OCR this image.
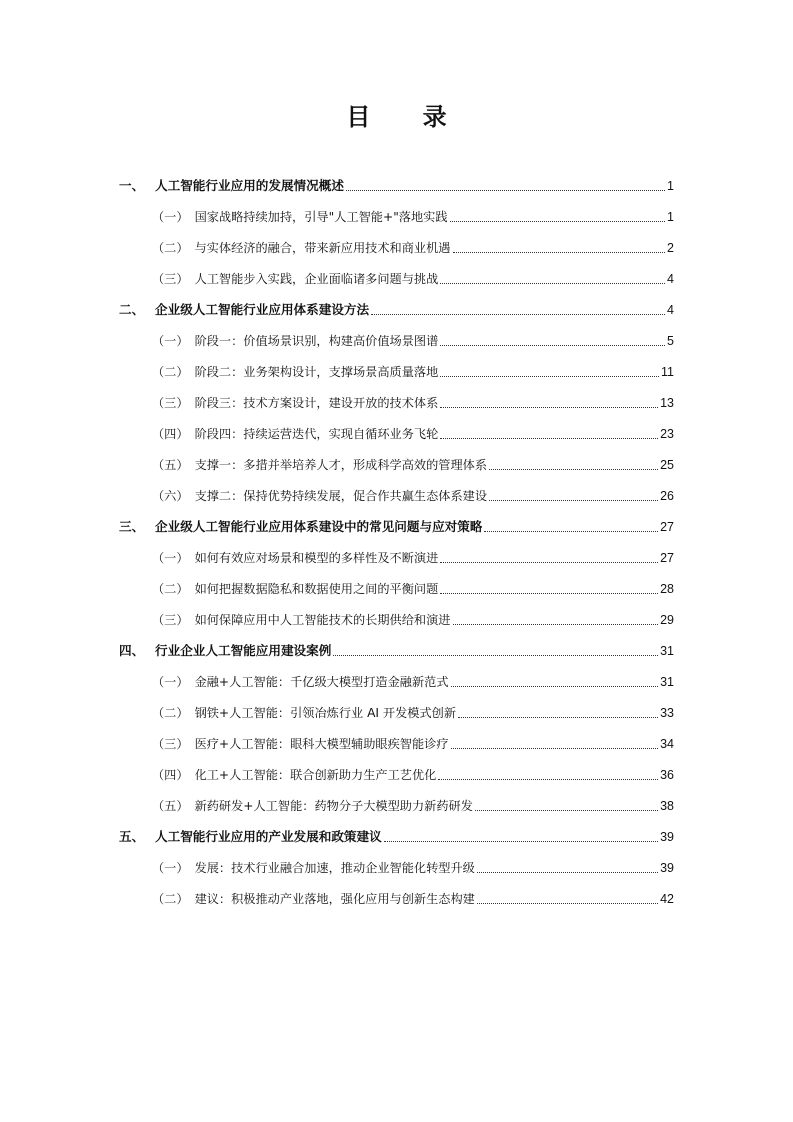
目 录
一、 人工智能行业应用的发展情况概述	1
（一） 国家战略持续加持，引导"人工智能+"落地实践	1
（二） 与实体经济的融合，带来新应用技术和商业机遇	2
（三） 人工智能步入实践，企业面临诸多问题与挑战	4
二、 企业级人工智能行业应用体系建设方法	4
（一） 阶段一：价值场景识别，构建高价值场景图谱	5
（二） 阶段二：业务架构设计，支撑场景高质量落地	11
（三） 阶段三：技术方案设计，建设开放的技术体系	13
（四） 阶段四：持续运营迭代，实现自循环业务飞轮	23
（五） 支撑一：多措并举培养人才，形成科学高效的管理体系	25
（六） 支撑二：保持优势持续发展，促合作共赢生态体系建设	26
三、 企业级人工智能行业应用体系建设中的常见问题与应对策略	27
（一） 如何有效应对场景和模型的多样性及不断演进	27
（二） 如何把握数据隐私和数据使用之间的平衡问题	28
（三） 如何保障应用中人工智能技术的长期供给和演进	29
四、 行业企业人工智能应用建设案例	31
（一） 金融+人工智能：千亿级大模型打造金融新范式	31
（二） 钢铁+人工智能：引领冶炼行业 AI 开发模式创新	33
（三） 医疗+人工智能：眼科大模型辅助眼疾智能诊疗	34
（四） 化工+人工智能：联合创新助力生产工艺优化	36
（五） 新药研发+人工智能：药物分子大模型助力新药研发	38
五、 人工智能行业应用的产业发展和政策建议	39
（一） 发展：技术行业融合加速，推动企业智能化转型升级	39
（二） 建议：积极推动产业落地，强化应用与创新生态构建	42
